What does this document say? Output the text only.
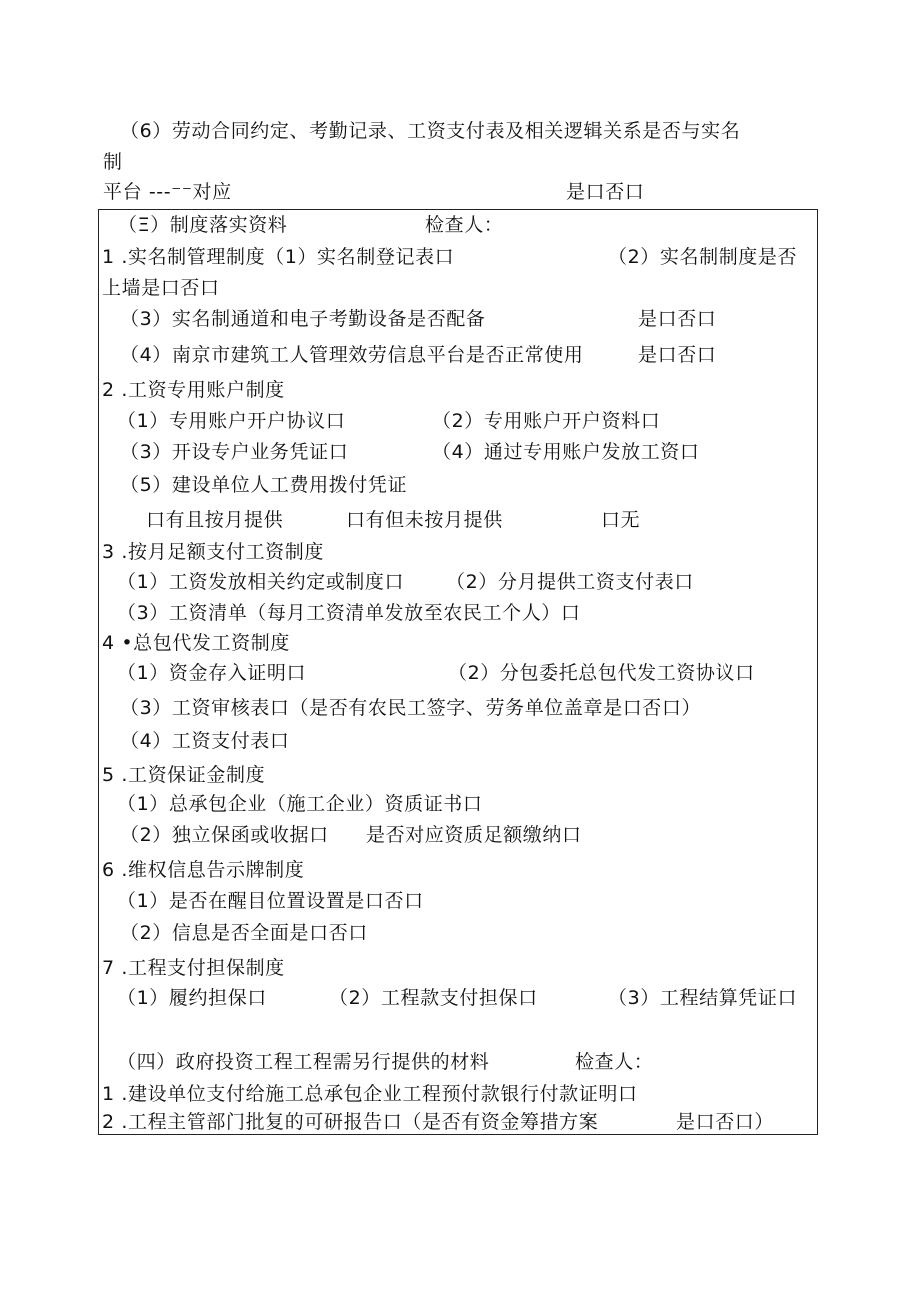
（6）劳动合同约定、考勤记录、工资支付表及相关逻辑关系是否与实名
制
平台 ---⁻⁻对应	是口否口
（Ξ）制度落实资料	检查人：
1 .实名制管理制度（1）实名制登记表口	（2）实名制制度是否
上墙是口否口
（3）实名制通道和电子考勤设备是否配备	是口否口
（4）南京市建筑工人管理效劳信息平台是否正常使用	是口否口
2 .工资专用账户制度
（1）专用账户开户协议口	（2）专用账户开户资料口
（3）开设专户业务凭证口	（4）通过专用账户发放工资口
（5）建设单位人工费用拨付凭证
口有且按月提供	口有但未按月提供	口无
3 .按月足额支付工资制度
（1）工资发放相关约定或制度口 （2）分月提供工资支付表口
（3）工资清单（每月工资清单发放至农民工个人）口
4 •总包代发工资制度
（1）资金存入证明口	（2）分包委托总包代发工资协议口
（3）工资审核表口（是否有农民工签字、劳务单位盖章是口否口）
（4）工资支付表口
5 .工资保证金制度
（1）总承包企业（施工企业）资质证书口
（2）独立保函或收据口 是否对应资质足额缴纳口
6 .维权信息告示牌制度
（1）是否在醒目位置设置是口否口
（2）信息是否全面是口否口
7 .工程支付担保制度
（1）履约担保口	（2）工程款支付担保口	（3）工程结算凭证口
（四）政府投资工程工程需另行提供的材料	检查人：
1 .建设单位支付给施工总承包企业工程预付款银行付款证明口
2 .工程主管部门批复的可研报告口（是否有资金筹措方案	是口否口）
